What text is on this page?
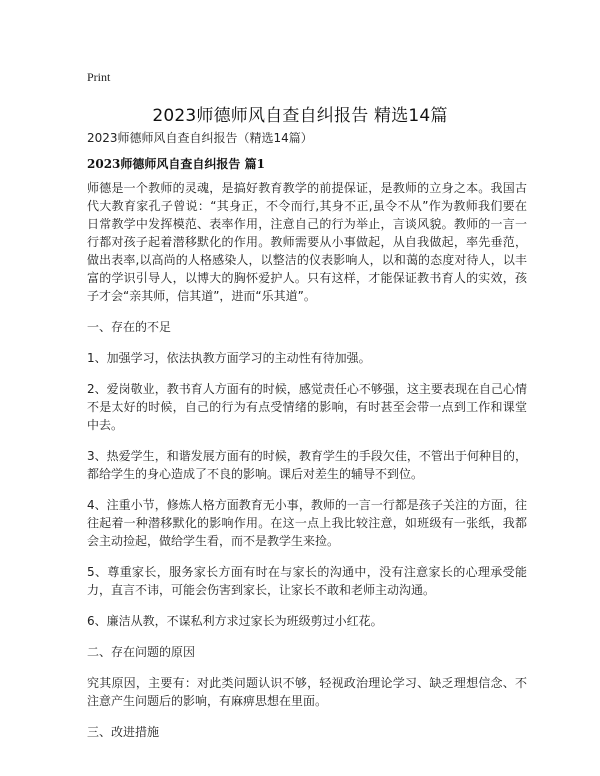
Print
2023师德师风自查自纠报告 精选14篇

2023师德师风自查自纠报告（精选14篇）

2023师德师风自查自纠报告 篇1

师德是一个教师的灵魂，是搞好教育教学的前提保证，是教师的立身之本。我国古代大教育家孔子曾说：“其身正，不令而行,其身不正,虽令不从”作为教师我们要在日常教学中发挥模范、表率作用，注意自己的行为举止，言谈风貌。教师的一言一行都对孩子起着潜移默化的作用。教师需要从小事做起，从自我做起，率先垂范，做出表率,以高尚的人格感染人，以整洁的仪表影响人，以和蔼的态度对待人，以丰富的学识引导人，以博大的胸怀爱护人。只有这样，才能保证教书育人的实效，孩子才会“亲其师，信其道”，进而“乐其道”。

一、存在的不足

1、加强学习，依法执教方面学习的主动性有待加强。

2、爱岗敬业，教书育人方面有的时候，感觉责任心不够强，这主要表现在自己心情不是太好的时候，自己的行为有点受情绪的影响，有时甚至会带一点到工作和课堂中去。

3、热爱学生，和谐发展方面有的时候，教育学生的手段欠佳，不管出于何种目的，都给学生的身心造成了不良的影响。课后对差生的辅导不到位。

4、注重小节，修炼人格方面教育无小事，教师的一言一行都是孩子关注的方面，往往起着一种潜移默化的影响作用。在这一点上我比较注意，如班级有一张纸，我都会主动捡起，做给学生看，而不是教学生来捡。

5、尊重家长，服务家长方面有时在与家长的沟通中，没有注意家长的心理承受能力，直言不讳，可能会伤害到家长，让家长不敢和老师主动沟通。

6、廉洁从教，不谋私利方求过家长为班级剪过小红花。

二、存在问题的原因

究其原因，主要有：对此类问题认识不够，轻视政治理论学习、缺乏理想信念、不注意产生问题后的影响，有麻痹思想在里面。

三、改进措施
